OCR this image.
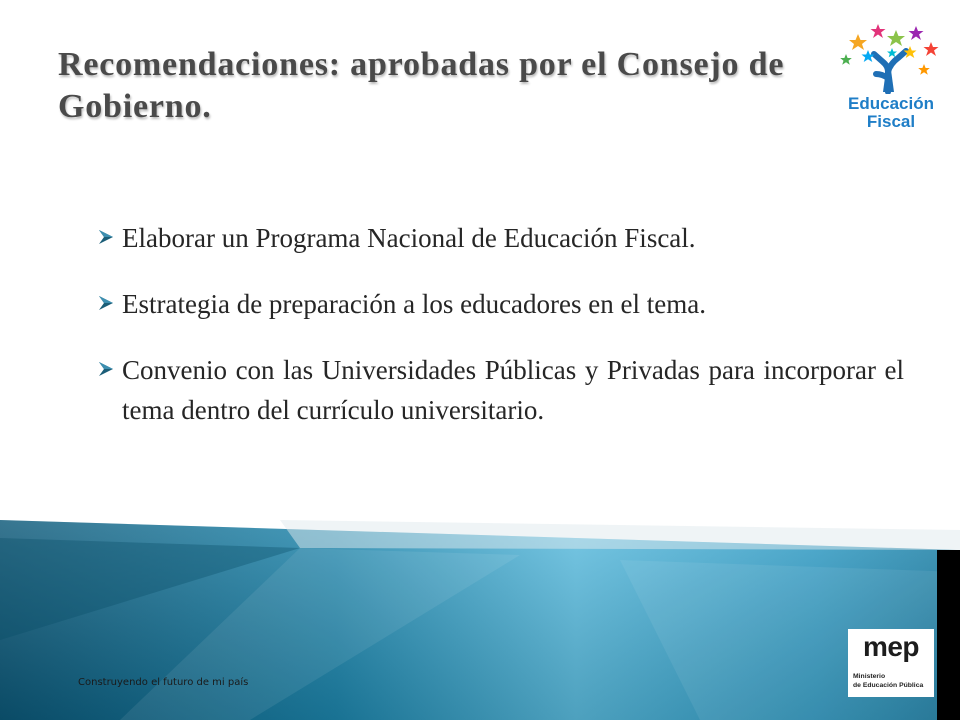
Recomendaciones: aprobadas por el Consejo de Gobierno.	Educación
Fiscal
Elaborar un Programa Nacional de Educación Fiscal.
Estrategia de preparación a los educadores en el tema.
Convenio con las Universidades Públicas y Privadas para incorporar el tema dentro del currículo universitario.
mep
Ministerio
de Educación Pública
Construyendo el futuro de mi país
